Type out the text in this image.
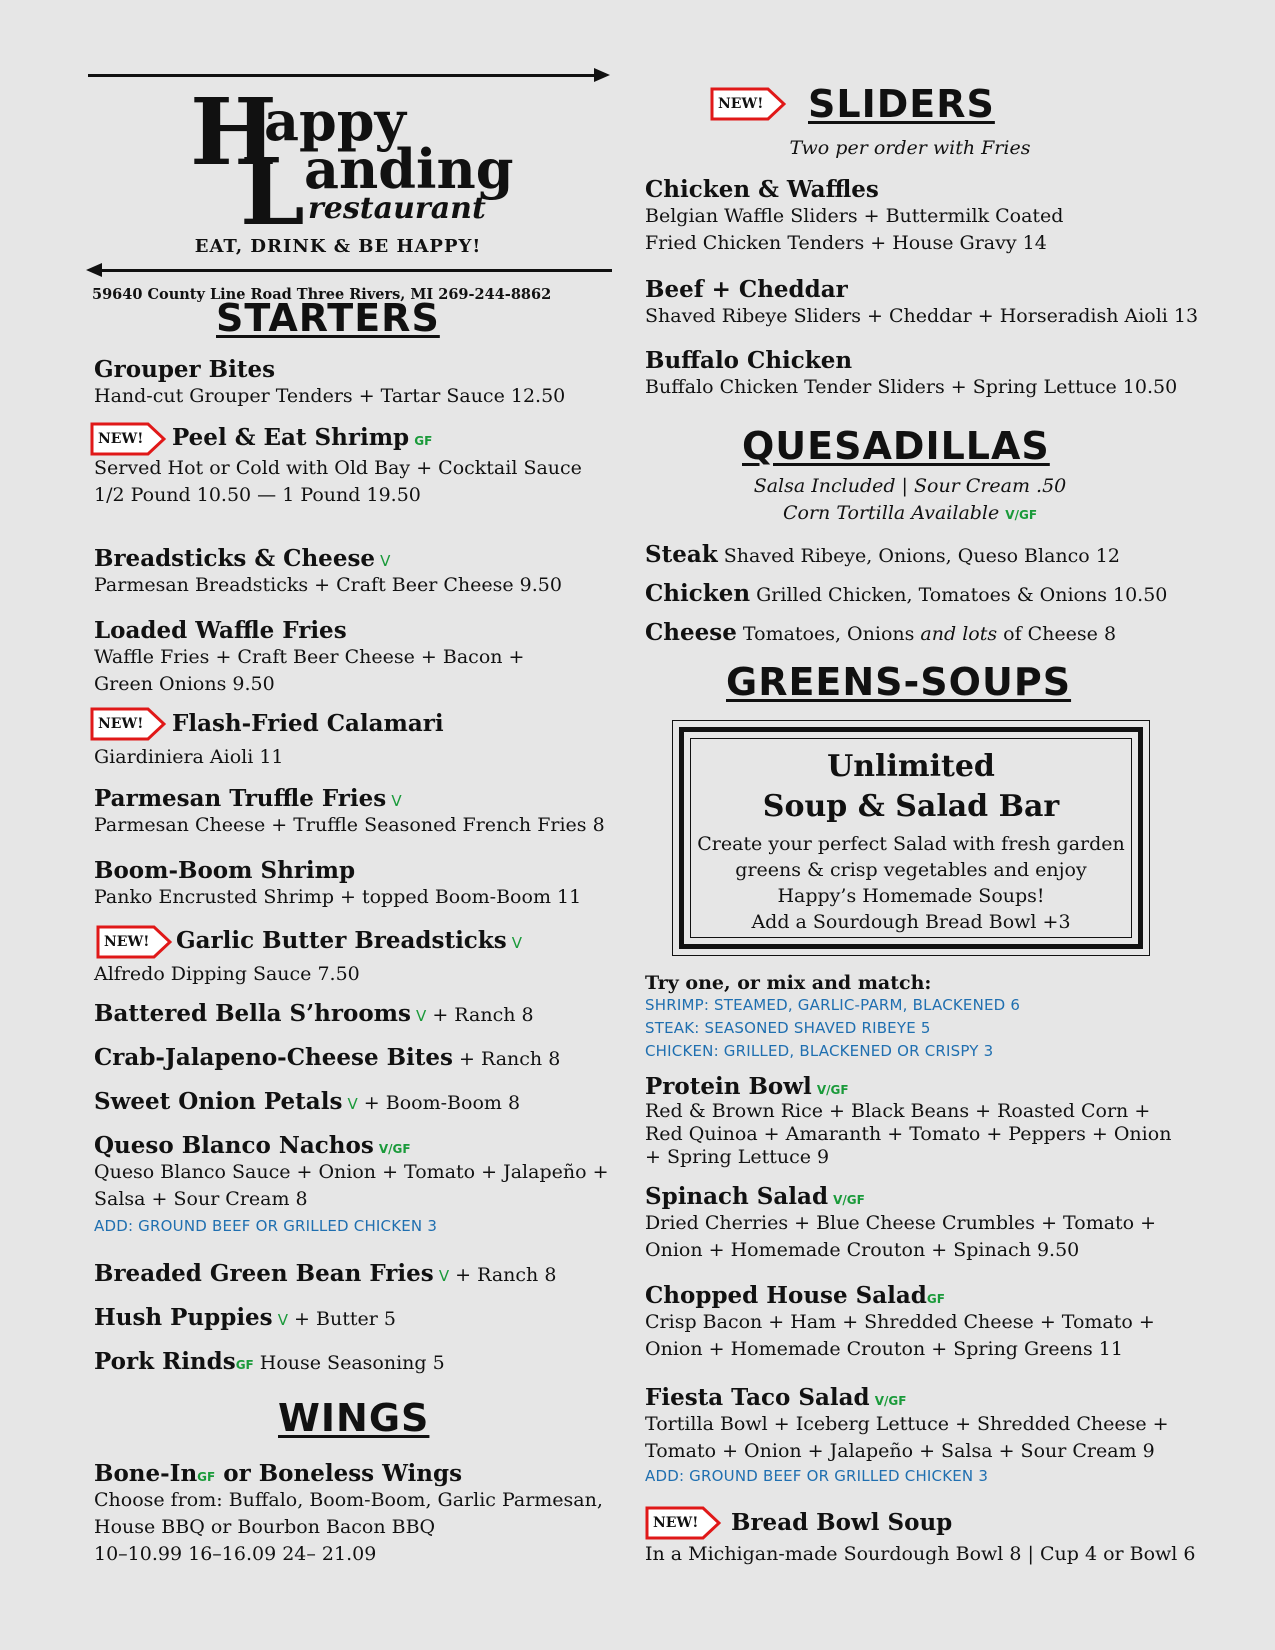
H
appy
L anding
restaurant
EAT, DRINK & BE HAPPY!
59640 County Line Road Three Rivers, MI 269-244-8862
STARTERS
Grouper Bites
Hand-cut Grouper Tenders + Tartar Sauce 12.50
NEW! Peel & Eat Shrimp GF
Served Hot or Cold with Old Bay + Cocktail Sauce
1/2 Pound 10.50 — 1 Pound 19.50
Breadsticks & Cheese V
Parmesan Breadsticks + Craft Beer Cheese 9.50
Loaded Waffle Fries
Waffle Fries + Craft Beer Cheese + Bacon +
Green Onions 9.50
NEW! Flash-Fried Calamari
Giardiniera Aioli 11
Parmesan Truffle Fries V
Parmesan Cheese + Truffle Seasoned French Fries 8
Boom-Boom Shrimp
Panko Encrusted Shrimp + topped Boom-Boom 11
NEW! Garlic Butter Breadsticks V
Alfredo Dipping Sauce 7.50
Battered Bella S’hrooms V + Ranch 8
Crab-Jalapeno-Cheese Bites + Ranch 8
Sweet Onion Petals V + Boom-Boom 8
Queso Blanco Nachos V/GF
Queso Blanco Sauce + Onion + Tomato + Jalapeño +
Salsa + Sour Cream 8
ADD: GROUND BEEF OR GRILLED CHICKEN 3
Breaded Green Bean Fries V + Ranch 8
Hush Puppies V + Butter 5
Pork RindsGF House Seasoning 5
WINGS
Bone-InGF or Boneless Wings
Choose from: Buffalo, Boom-Boom, Garlic Parmesan,
House BBQ or Bourbon Bacon BBQ
10–10.99 16–16.09 24– 21.09
NEW! SLIDERS
Two per order with Fries
Chicken & Waffles
Belgian Waffle Sliders + Buttermilk Coated
Fried Chicken Tenders + House Gravy 14
Beef + Cheddar
Shaved Ribeye Sliders + Cheddar + Horseradish Aioli 13
Buffalo Chicken
Buffalo Chicken Tender Sliders + Spring Lettuce 10.50
QUESADILLAS
Salsa Included | Sour Cream .50
Corn Tortilla Available V/GF
Steak Shaved Ribeye, Onions, Queso Blanco 12
Chicken Grilled Chicken, Tomatoes & Onions 10.50
Cheese Tomatoes, Onions and lots of Cheese 8
GREENS-SOUPS
Unlimited
Soup & Salad Bar
Create your perfect Salad with fresh garden
greens & crisp vegetables and enjoy
Happy’s Homemade Soups!
Add a Sourdough Bread Bowl +3
Try one, or mix and match:
SHRIMP: STEAMED, GARLIC-PARM, BLACKENED 6
STEAK: SEASONED SHAVED RIBEYE 5
CHICKEN: GRILLED, BLACKENED OR CRISPY 3
Protein Bowl V/GF
Red & Brown Rice + Black Beans + Roasted Corn +
Red Quinoa + Amaranth + Tomato + Peppers + Onion
+ Spring Lettuce 9
Spinach Salad V/GF
Dried Cherries + Blue Cheese Crumbles + Tomato +
Onion + Homemade Crouton + Spinach 9.50
Chopped House SaladGF
Crisp Bacon + Ham + Shredded Cheese + Tomato +
Onion + Homemade Crouton + Spring Greens 11
Fiesta Taco Salad V/GF
Tortilla Bowl + Iceberg Lettuce + Shredded Cheese +
Tomato + Onion + Jalapeño + Salsa + Sour Cream 9
ADD: GROUND BEEF OR GRILLED CHICKEN 3
NEW! Bread Bowl Soup
In a Michigan-made Sourdough Bowl 8 | Cup 4 or Bowl 6
